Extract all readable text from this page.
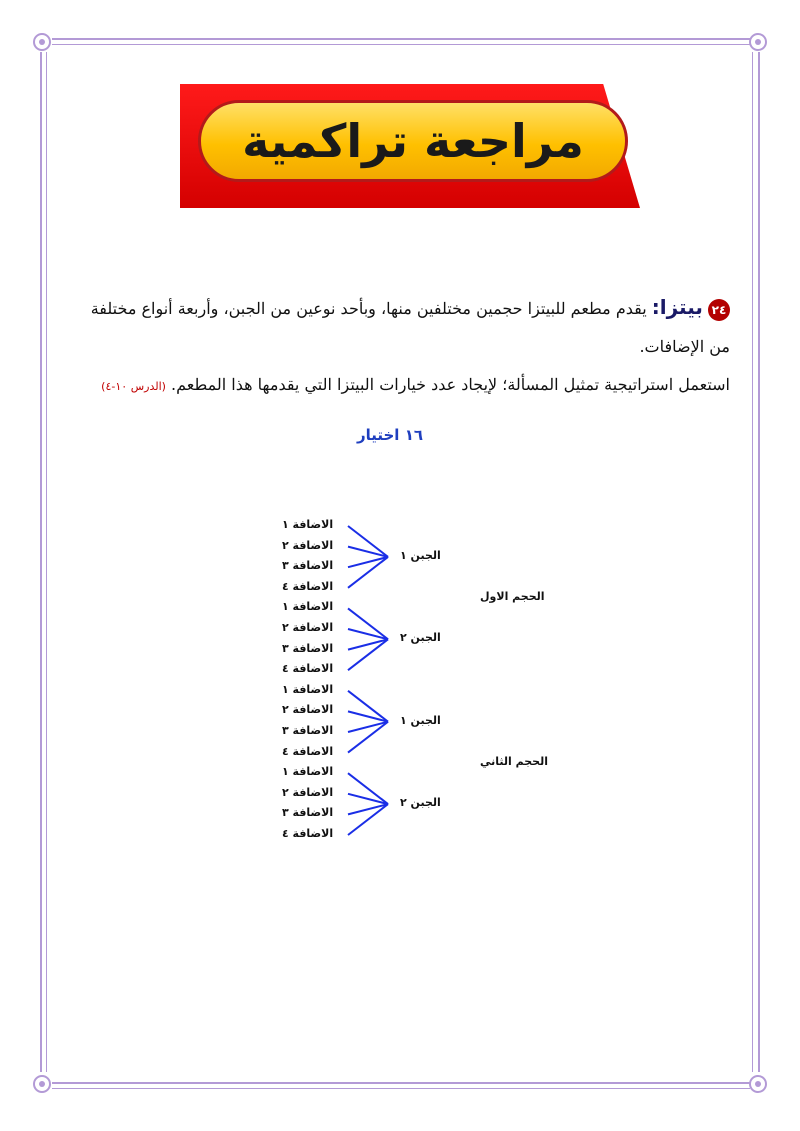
مراجعة تراكمية
٢٤ بيتزا: يقدم مطعم للبيتزا حجمين مختلفين منها، وبأحد نوعين من الجبن، وأربعة أنواع مختلفة من الإضافات.
استعمل استراتيجية تمثيل المسألة؛ لإيجاد عدد خيارات البيتزا التي يقدمها هذا المطعم. (الدرس ١٠-٤)
١٦ اختيار
الاضافة ١
الاضافة ٢
الاضافة ٣
الاضافة ٤
الاضافة ١
الاضافة ٢
الاضافة ٣
الاضافة ٤
الاضافة ١
الاضافة ٢
الاضافة ٣
الاضافة ٤
الاضافة ١
الاضافة ٢
الاضافة ٣
الاضافة ٤
الجبن ١
الجبن ٢
الجبن ١
الجبن ٢
الحجم الاول
الحجم الثاني
